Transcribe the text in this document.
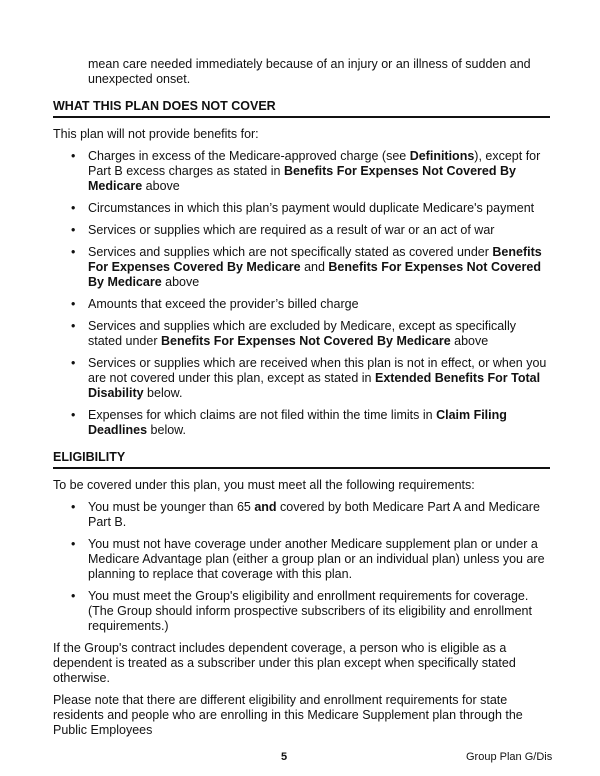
mean care needed immediately because of an injury or an illness of sudden and unexpected onset.

WHAT THIS PLAN DOES NOT COVER

This plan will not provide benefits for:

• Charges in excess of the Medicare-approved charge (see Definitions), except for Part B excess charges as stated in Benefits For Expenses Not Covered By Medicare above
• Circumstances in which this plan’s payment would duplicate Medicare's payment
• Services or supplies which are required as a result of war or an act of war
• Services and supplies which are not specifically stated as covered under Benefits For Expenses Covered By Medicare and Benefits For Expenses Not Covered By Medicare above
• Amounts that exceed the provider’s billed charge
• Services and supplies which are excluded by Medicare, except as specifically stated under Benefits For Expenses Not Covered By Medicare above
• Services or supplies which are received when this plan is not in effect, or when you are not covered under this plan, except as stated in Extended Benefits For Total Disability below.
• Expenses for which claims are not filed within the time limits in Claim Filing Deadlines below.
ELIGIBILITY

To be covered under this plan, you must meet all the following requirements:

• You must be younger than 65 and covered by both Medicare Part A and Medicare Part B.
• You must not have coverage under another Medicare supplement plan or under a Medicare Advantage plan (either a group plan or an individual plan) unless you are planning to replace that coverage with this plan.
• You must meet the Group's eligibility and enrollment requirements for coverage. (The Group should inform prospective subscribers of its eligibility and enrollment requirements.)

If the Group's contract includes dependent coverage, a person who is eligible as a dependent is treated as a subscriber under this plan except when specifically stated otherwise.

Please note that there are different eligibility and enrollment requirements for state residents and people who are enrolling in this Medicare Supplement plan through the Public Employees

5	Group Plan G/Dis
